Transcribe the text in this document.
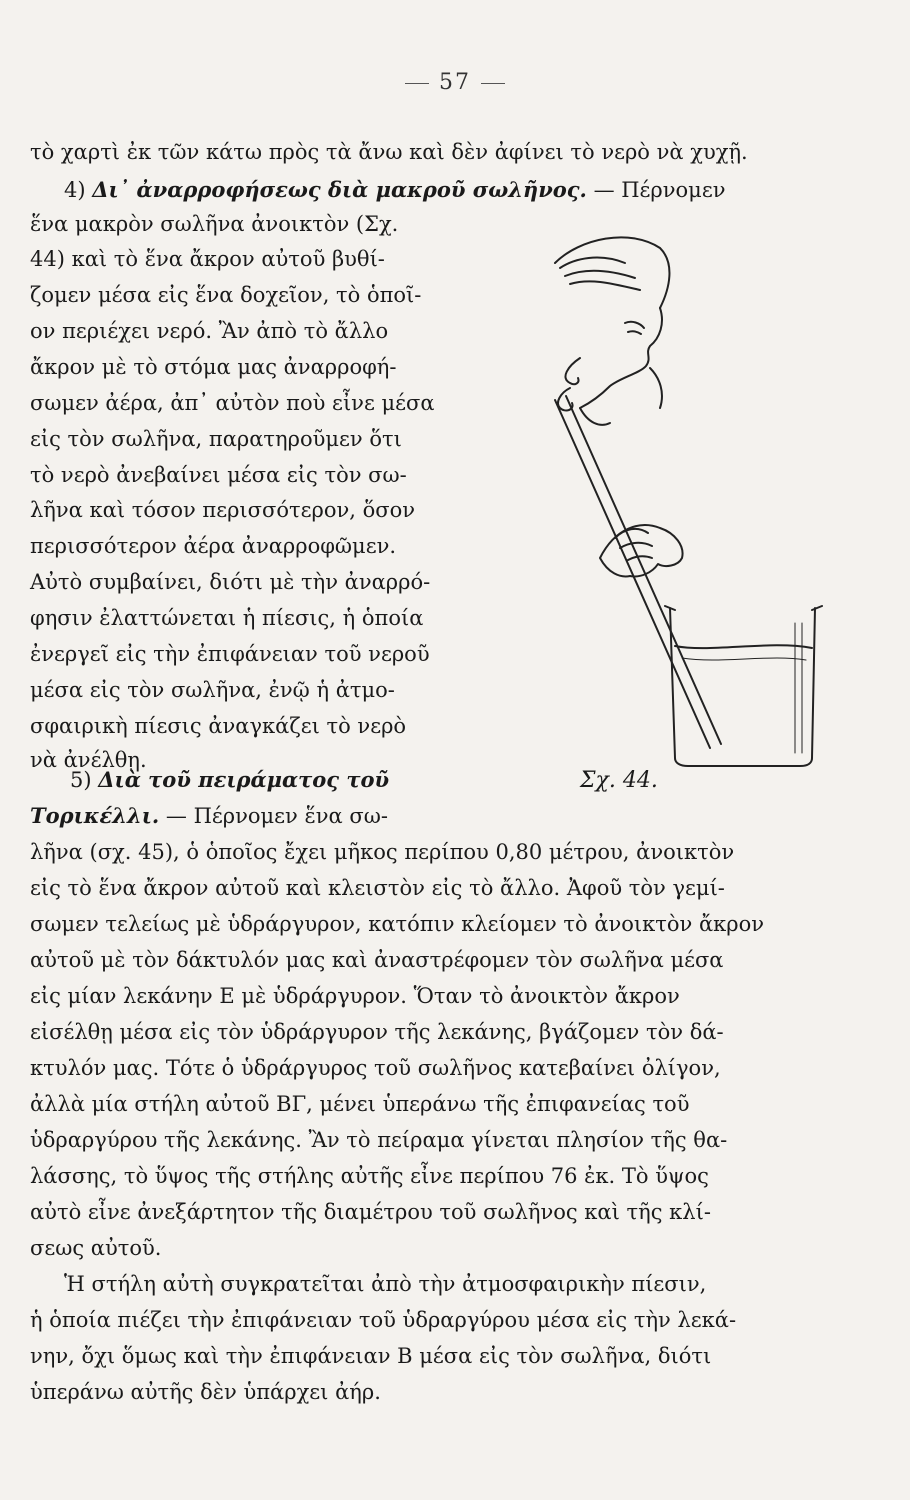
57
τὸ χαρτὶ ἐκ τῶν κάτω πρὸς τὰ ἄνω καὶ δὲν ἀφίνει τὸ νερὸ νὰ χυχῇ.
4) Δι᾿ ἀναρροφήσεως διὰ μακροῦ σωλῆνος. — Πέρνομεν
ἕνα μακρὸν σωλῆνα ἀνοικτὸν (Σχ.
44) καὶ τὸ ἕνα ἄκρον αὐτοῦ βυθί-
ζομεν μέσα εἰς ἕνα δοχεῖον, τὸ ὁποῖ-
ον περιέχει νερό. Ἂν ἀπὸ τὸ ἄλλο
ἄκρον μὲ τὸ στόμα μας ἀναρροφή-
σωμεν ἀέρα, ἀπ᾿ αὐτὸν ποὺ εἶνε μέσα
εἰς τὸν σωλῆνα, παρατηροῦμεν ὅτι
τὸ νερὸ ἀνεβαίνει μέσα εἰς τὸν σω-
λῆνα καὶ τόσον περισσότερον, ὅσον
περισσότερον ἀέρα ἀναρροφῶμεν.
Αὐτὸ συμβαίνει, διότι μὲ τὴν ἀναρρό-
φησιν ἐλαττώνεται ἡ πίεσις, ἡ ὁποία
ἐνεργεῖ εἰς τὴν ἐπιφάνειαν τοῦ νεροῦ
μέσα εἰς τὸν σωλῆνα, ἐνῷ ἡ ἀτμο-
σφαιρικὴ πίεσις ἀναγκάζει τὸ νερὸ
νὰ ἀνέλθῃ.
5) Διὰ τοῦ πειράματος τοῦ
Τορικέλλι. — Πέρνομεν ἕνα σω-
λῆνα (σχ. 45), ὁ ὁποῖος ἔχει μῆκος περίπου 0,80 μέτρου, ἀνοικτὸν
εἰς τὸ ἕνα ἄκρον αὐτοῦ καὶ κλειστὸν εἰς τὸ ἄλλο. Ἀφοῦ τὸν γεμί-
σωμεν τελείως μὲ ὑδράργυρον, κατόπιν κλείομεν τὸ ἀνοικτὸν ἄκρον
αὐτοῦ μὲ τὸν δάκτυλόν μας καὶ ἀναστρέφομεν τὸν σωλῆνα μέσα
εἰς μίαν λεκάνην Ε μὲ ὑδράργυρον. Ὅταν τὸ ἀνοικτὸν ἄκρον
εἰσέλθῃ μέσα εἰς τὸν ὑδράργυρον τῆς λεκάνης, βγάζομεν τὸν δά-
κτυλόν μας. Τότε ὁ ὑδράργυρος τοῦ σωλῆνος κατεβαίνει ὀλίγον,
ἀλλὰ μία στήλη αὐτοῦ ΒΓ, μένει ὑπεράνω τῆς ἐπιφανείας τοῦ
ὑδραργύρου τῆς λεκάνης. Ἂν τὸ πείραμα γίνεται πλησίον τῆς θα-
λάσσης, τὸ ὕψος τῆς στήλης αὐτῆς εἶνε περίπου 76 ἐκ. Τὸ ὕψος
αὐτὸ εἶνε ἀνεξάρτητον τῆς διαμέτρου τοῦ σωλῆνος καὶ τῆς κλί-
σεως αὐτοῦ.
Ἡ στήλη αὐτὴ συγκρατεῖται ἀπὸ τὴν ἀτμοσφαιρικὴν πίεσιν,
ἡ ὁποία πιέζει τὴν ἐπιφάνειαν τοῦ ὑδραργύρου μέσα εἰς τὴν λεκά-
νην, ὄχι ὅμως καὶ τὴν ἐπιφάνειαν Β μέσα εἰς τὸν σωλῆνα, διότι
ὑπεράνω αὐτῆς δὲν ὑπάρχει ἀήρ.
Σχ. 44.
